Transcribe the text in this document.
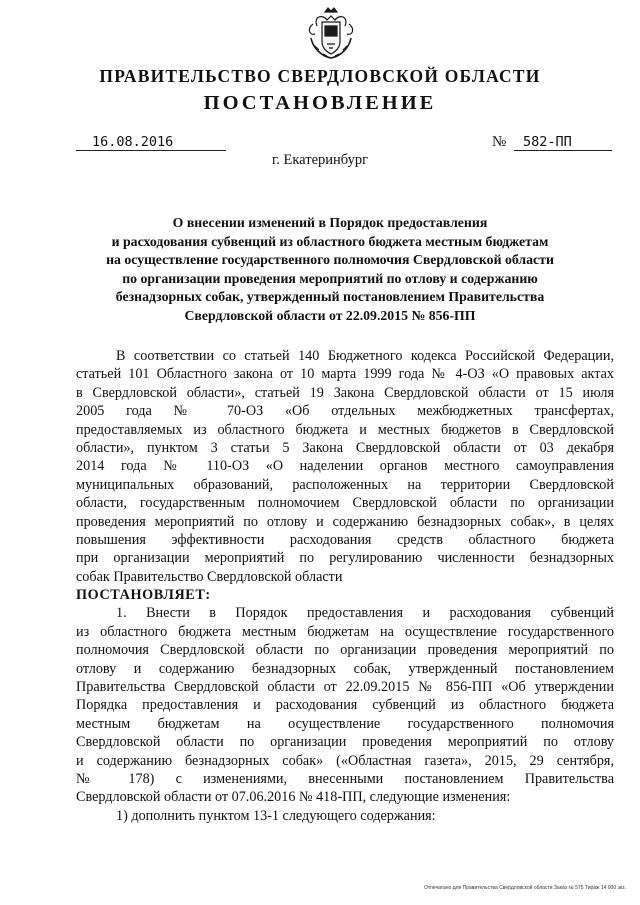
ПРАВИТЕЛЬСТВО СВЕРДЛОВСКОЙ ОБЛАСТИ
ПОСТАНОВЛЕНИЕ
16.08.2016	№ 582-ПП
г. Екатеринбург
О внесении изменений в Порядок предоставления
и расходования субвенций из областного бюджета местным бюджетам
на осуществление государственного полномочия Свердловской области
по организации проведения мероприятий по отлову и содержанию
безнадзорных собак, утвержденный постановлением Правительства
Свердловской области от 22.09.2015 № 856-ПП
В соответствии со статьей 140 Бюджетного кодекса Российской Федерации,
статьей 101 Областного закона от 10 марта 1999 года № 4-ОЗ «О правовых актах
в Свердловской области», статьей 19 Закона Свердловской области от 15 июля
2005 года № 70-ОЗ «Об отдельных межбюджетных трансфертах,
предоставляемых из областного бюджета и местных бюджетов в Свердловской
области», пунктом 3 статьи 5 Закона Свердловской области от 03 декабря
2014 года № 110-ОЗ «О наделении органов местного самоуправления
муниципальных образований, расположенных на территории Свердловской
области, государственным полномочием Свердловской области по организации
проведения мероприятий по отлову и содержанию безнадзорных собак», в целях
повышения эффективности расходования средств областного бюджета
при организации мероприятий по регулированию численности безнадзорных
собак Правительство Свердловской области
ПОСТАНОВЛЯЕТ:
1. Внести в Порядок предоставления и расходования субвенций
из областного бюджета местным бюджетам на осуществление государственного
полномочия Свердловской области по организации проведения мероприятий по
отлову и содержанию безнадзорных собак, утвержденный постановлением
Правительства Свердловской области от 22.09.2015 № 856-ПП «Об утверждении
Порядка предоставления и расходования субвенций из областного бюджета
местным бюджетам на осуществление государственного полномочия
Свердловской области по организации проведения мероприятий по отлову
и содержанию безнадзорных собак» («Областная газета», 2015, 29 сентября,
№ 178) с изменениями, внесенными постановлением Правительства
Свердловской области от 07.06.2016 № 418-ПП, следующие изменения:
1) дополнить пунктом 13-1 следующего содержания:
Отпечатано для Правительства Свердловской области Заказ № 575 Тираж 14 000 экз.
